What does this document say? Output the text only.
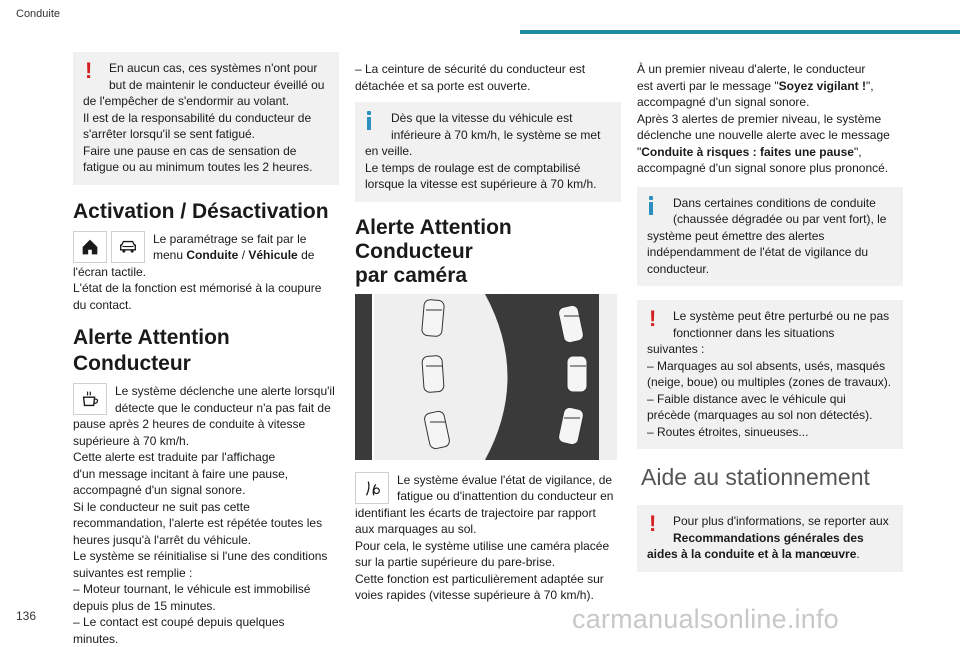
Conduite
!	En aucun cas, ces systèmes n'ont pour
but de maintenir le conducteur éveillé ou
de l'empêcher de s'endormir au volant.
Il est de la responsabilité du conducteur de
s'arrêter lorsqu'il se sent fatigué.
Faire une pause en cas de sensation de
fatigue ou au minimum toutes les 2 heures.
Activation / Désactivation

Le paramétrage se fait par le

menu Conduite / Véhicule de

l'écran tactile.

L'état de la fonction est mémorisé à la coupure

du contact.

Alerte Attention Conducteur

Le système déclenche une alerte lorsqu'il

détecte que le conducteur n'a pas fait de

pause après 2 heures de conduite à vitesse

supérieure à 70 km/h.

Cette alerte est traduite par l'affichage

d'un message incitant à faire une pause,

accompagné d'un signal sonore.

Si le conducteur ne suit pas cette

recommandation, l'alerte est répétée toutes les

heures jusqu'à l'arrêt du véhicule.

Le système se réinitialise si l'une des conditions

suivantes est remplie :

– Moteur tournant, le véhicule est immobilisé

depuis plus de 15 minutes.

– Le contact est coupé depuis quelques

minutes.

– La ceinture de sécurité du conducteur est

détachée et sa porte est ouverte.

Dès que la vitesse du véhicule est
inférieure à 70 km/h, le système se met
en veille.
Le temps de roulage est de comptabilisé
lorsque la vitesse est supérieure à 70 km/h.
Alerte Attention Conducteur
par caméra

Le système évalue l'état de vigilance, de

fatigue ou d'inattention du conducteur en

identifiant les écarts de trajectoire par rapport

aux marquages au sol.

Pour cela, le système utilise une caméra placée

sur la partie supérieure du pare-brise.

Cette fonction est particulièrement adaptée sur

voies rapides (vitesse supérieure à 70 km/h).

À un premier niveau d'alerte, le conducteur

est averti par le message "Soyez vigilant !",

accompagné d'un signal sonore.

Après 3 alertes de premier niveau, le système

déclenche une nouvelle alerte avec le message

"Conduite à risques : faites une pause",

accompagné d'un signal sonore plus prononcé.

Dans certaines conditions de conduite
(chaussée dégradée ou par vent fort), le
système peut émettre des alertes
indépendamment de l'état de vigilance du
conducteur.
!	Le système peut être perturbé ou ne pas
fonctionner dans les situations
suivantes :
– Marquages au sol absents, usés, masqués
(neige, boue) ou multiples (zones de travaux).
– Faible distance avec le véhicule qui
précède (marquages au sol non détectés).
– Routes étroites, sinueuses...
Aide au stationnement
!	Pour plus d'informations, se reporter aux
Recommandations générales des
aides à la conduite et à la manœuvre.
136	carmanualsonline.info
